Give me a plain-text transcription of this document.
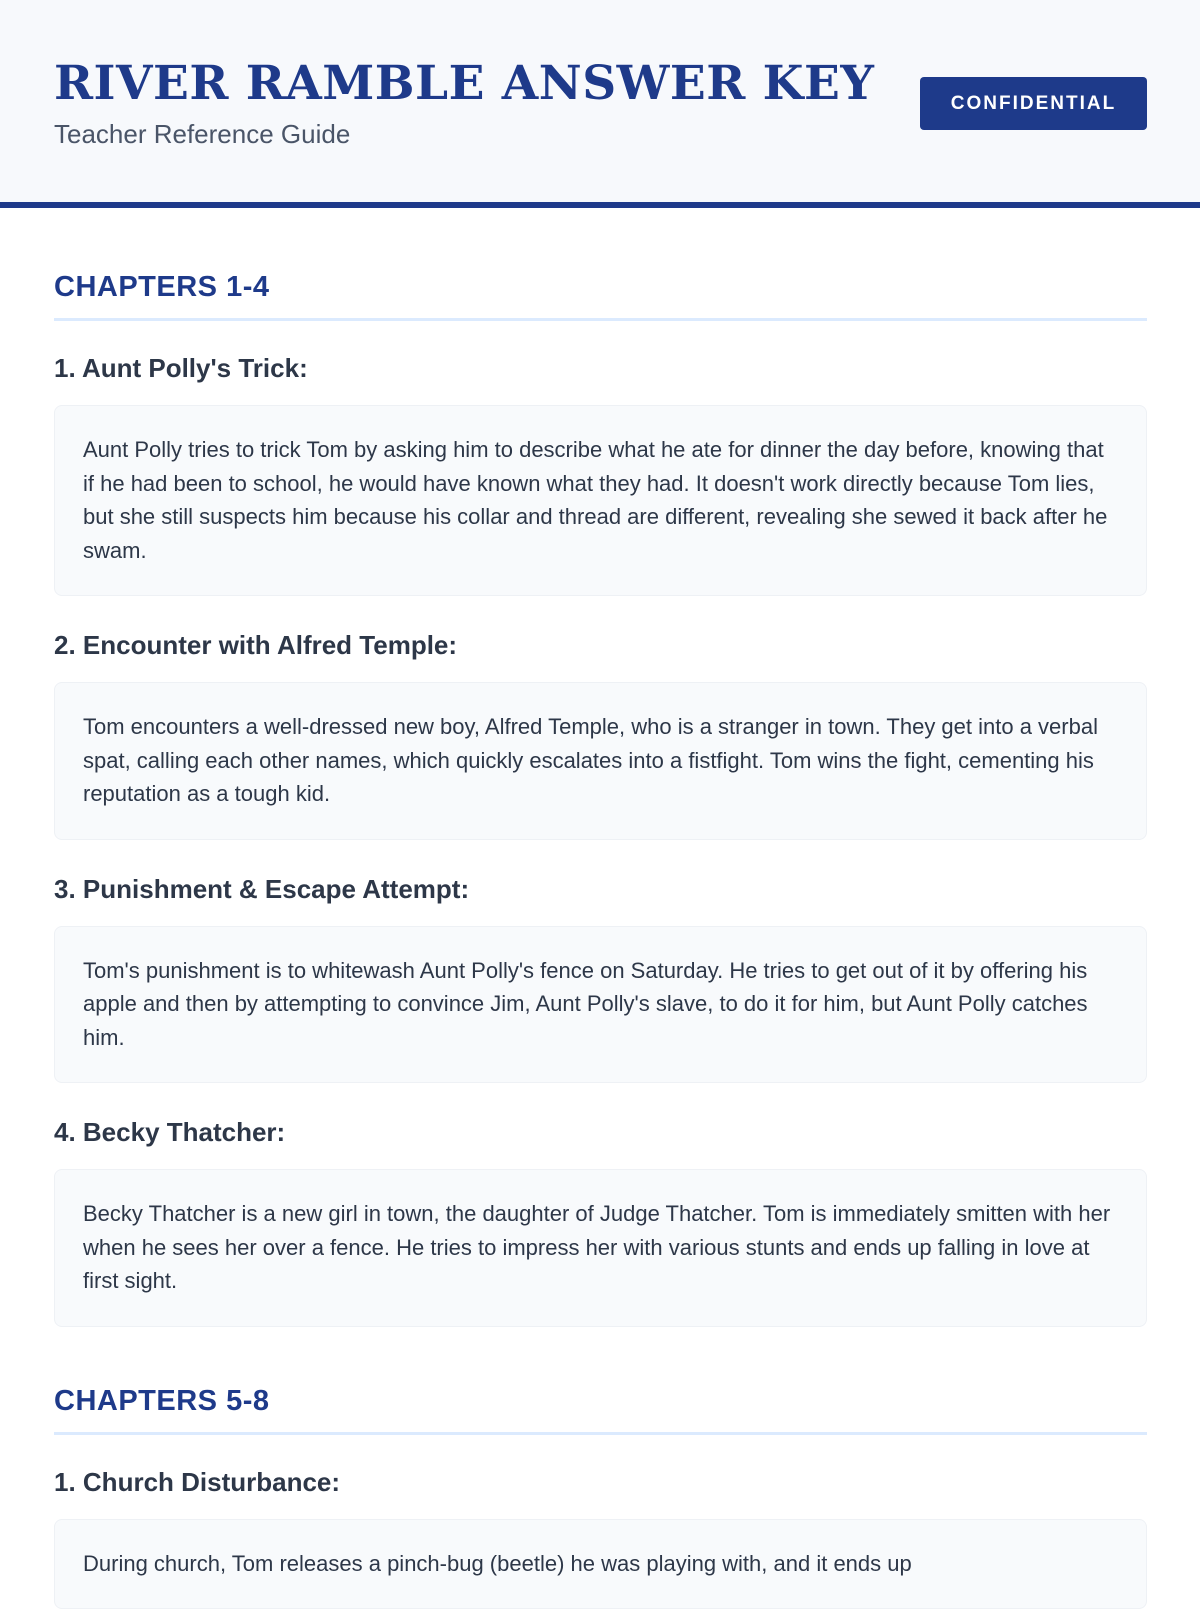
RIVER RAMBLE ANSWER KEY
Teacher Reference Guide
CONFIDENTIAL
CHAPTERS 1-4
1. Aunt Polly's Trick:

Aunt Polly tries to trick Tom by asking him to describe what he ate for dinner the day before, knowing that if he had been to school, he would have known what they had. It doesn't work directly because Tom lies, but she still suspects him because his collar and thread are different, revealing she sewed it back after he swam.

2. Encounter with Alfred Temple:

Tom encounters a well-dressed new boy, Alfred Temple, who is a stranger in town. They get into a verbal spat, calling each other names, which quickly escalates into a fistfight. Tom wins the fight, cementing his reputation as a tough kid.

3. Punishment & Escape Attempt:

Tom's punishment is to whitewash Aunt Polly's fence on Saturday. He tries to get out of it by offering his apple and then by attempting to convince Jim, Aunt Polly's slave, to do it for him, but Aunt Polly catches him.

4. Becky Thatcher:

Becky Thatcher is a new girl in town, the daughter of Judge Thatcher. Tom is immediately smitten with her when he sees her over a fence. He tries to impress her with various stunts and ends up falling in love at first sight.

CHAPTERS 5-8
1. Church Disturbance:

During church, Tom releases a pinch-bug (beetle) he was playing with, and it ends up
